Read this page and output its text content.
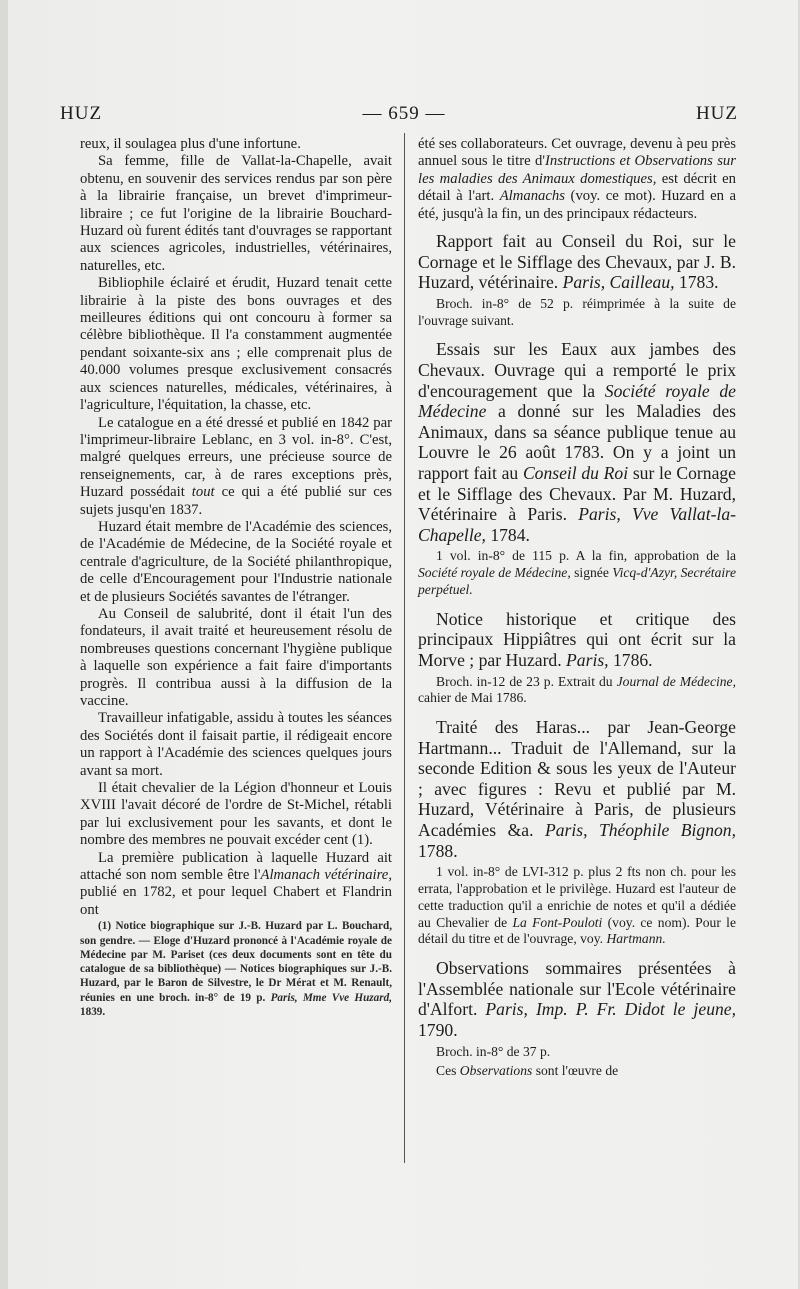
HUZ	— 659 —	HUZ

reux, il soulagea plus d'une infortune.

Sa femme, fille de Vallat-la-Chapelle, avait obtenu, en souvenir des services rendus par son père à la librairie française, un brevet d'imprimeur-libraire ; ce fut l'origine de la librairie Bouchard-Huzard où furent édités tant d'ouvrages se rapportant aux sciences agricoles, industrielles, vétérinaires, naturelles, etc.

Bibliophile éclairé et érudit, Huzard tenait cette librairie à la piste des bons ouvrages et des meilleures éditions qui ont concouru à former sa célèbre bibliothèque. Il l'a constamment augmentée pendant soixante-six ans ; elle comprenait plus de 40.000 volumes presque exclusivement consacrés aux sciences naturelles, médicales, vétérinaires, à l'agriculture, l'équitation, la chasse, etc.

Le catalogue en a été dressé et publié en 1842 par l'imprimeur-libraire Leblanc, en 3 vol. in-8°. C'est, malgré quelques erreurs, une précieuse source de renseignements, car, à de rares exceptions près, Huzard possédait tout ce qui a été publié sur ces sujets jusqu'en 1837.

Huzard était membre de l'Académie des sciences, de l'Académie de Médecine, de la Société royale et centrale d'agriculture, de la Société philanthropique, de celle d'Encouragement pour l'Industrie nationale et de plusieurs Sociétés savantes de l'étranger.

Au Conseil de salubrité, dont il était l'un des fondateurs, il avait traité et heureusement résolu de nombreuses questions concernant l'hygiène publique à laquelle son expérience a fait faire d'importants progrès. Il contribua aussi à la diffusion de la vaccine.

Travailleur infatigable, assidu à toutes les séances des Sociétés dont il faisait partie, il rédigeait encore un rapport à l'Académie des sciences quelques jours avant sa mort.

Il était chevalier de la Légion d'honneur et Louis XVIII l'avait décoré de l'ordre de St-Michel, rétabli par lui exclusivement pour les savants, et dont le nombre des membres ne pouvait excéder cent (1).

La première publication à laquelle Huzard ait attaché son nom semble être l'Almanach vétérinaire, publié en 1782, et pour lequel Chabert et Flandrin ont

(1) Notice biographique sur J.-B. Huzard par L. Bouchard, son gendre. — Eloge d'Huzard prononcé à l'Académie royale de Médecine par M. Pariset (ces deux documents sont en tête du catalogue de sa bibliothèque) — Notices biographiques sur J.-B. Huzard, par le Baron de Silvestre, le Dr Mérat et M. Renault, réunies en une broch. in-8° de 19 p. Paris, Mme Vve Huzard, 1839.

été ses collaborateurs. Cet ouvrage, devenu à peu près annuel sous le titre d'Instructions et Observations sur les maladies des Animaux domestiques, est décrit en détail à l'art. Almanachs (voy. ce mot). Huzard en a été, jusqu'à la fin, un des principaux rédacteurs.

Rapport fait au Conseil du Roi, sur le Cornage et le Sifflage des Chevaux, par J. B. Huzard, vétérinaire. Paris, Cailleau, 1783.

Broch. in-8° de 52 p. réimprimée à la suite de l'ouvrage suivant.

Essais sur les Eaux aux jambes des Chevaux. Ouvrage qui a remporté le prix d'encouragement que la Société royale de Médecine a donné sur les Maladies des Animaux, dans sa séance publique tenue au Louvre le 26 août 1783. On y a joint un rapport fait au Conseil du Roi sur le Cornage et le Sifflage des Chevaux. Par M. Huzard, Vétérinaire à Paris. Paris, Vve Vallat-la-Chapelle, 1784.

1 vol. in-8° de 115 p. A la fin, approbation de la Société royale de Médecine, signée Vicq-d'Azyr, Secrétaire perpétuel.

Notice historique et critique des principaux Hippiâtres qui ont écrit sur la Morve ; par Huzard. Paris, 1786.

Broch. in-12 de 23 p. Extrait du Journal de Médecine, cahier de Mai 1786.

Traité des Haras... par Jean-George Hartmann... Traduit de l'Allemand, sur la seconde Edition & sous les yeux de l'Auteur ; avec figures : Revu et publié par M. Huzard, Vétérinaire à Paris, de plusieurs Académies &a. Paris, Théophile Bignon, 1788.

1 vol. in-8° de LVI-312 p. plus 2 fts non ch. pour les errata, l'approbation et le privilège. Huzard est l'auteur de cette traduction qu'il a enrichie de notes et qu'il a dédiée au Chevalier de La Font-Pouloti (voy. ce nom). Pour le détail du titre et de l'ouvrage, voy. Hartmann.

Observations sommaires présentées à l'Assemblée nationale sur l'Ecole vétérinaire d'Alfort. Paris, Imp. P. Fr. Didot le jeune, 1790.

Broch. in-8° de 37 p.

Ces Observations sont l'œuvre de
